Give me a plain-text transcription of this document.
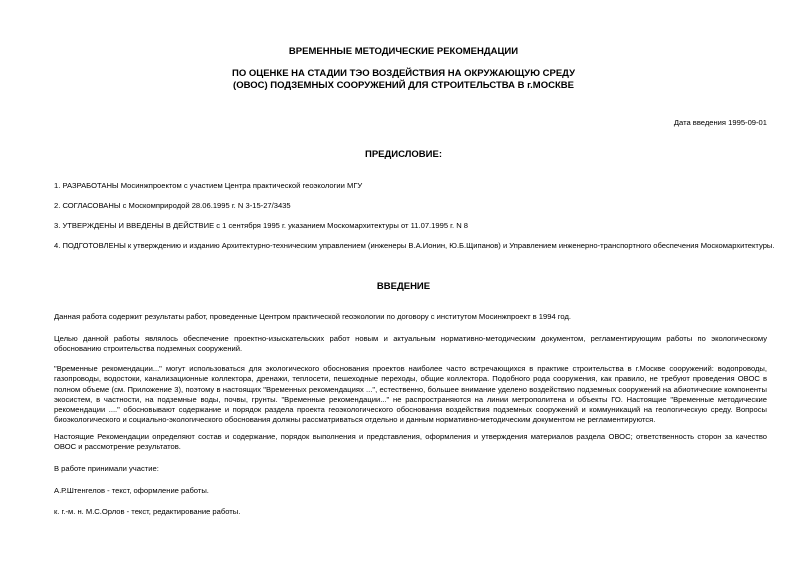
ВРЕМЕННЫЕ МЕТОДИЧЕСКИЕ РЕКОМЕНДАЦИИ
ПО ОЦЕНКЕ НА СТАДИИ ТЭО ВОЗДЕЙСТВИЯ НА ОКРУЖАЮЩУЮ СРЕДУ
(ОВОС) ПОДЗЕМНЫХ СООРУЖЕНИЙ ДЛЯ СТРОИТЕЛЬСТВА В г.МОСКВЕ
Дата введения 1995-09-01
ПРЕДИСЛОВИЕ:
1. РАЗРАБОТАНЫ Мосинжпроектом с участием Центра практической геоэкологии МГУ
2. СОГЛАСОВАНЫ с Москомприродой 28.06.1995 г. N 3-15-27/3435
3. УТВЕРЖДЕНЫ И ВВЕДЕНЫ В ДЕЙСТВИЕ с 1 сентября 1995 г. указанием Москомархитектуры от 11.07.1995 г. N 8
4. ПОДГОТОВЛЕНЫ к утверждению и изданию Архитектурно-техническим управлением (инженеры В.А.Ионин, Ю.Б.Щипанов) и Управлением инженерно-транспортного обеспечения Москомархитектуры.
ВВЕДЕНИЕ
Данная работа содержит результаты работ, проведенные Центром практической геоэкологии по договору с институтом Мосинжпроект в 1994 год.
Целью данной работы являлось обеспечение проектно-изыскательских работ новым и актуальным нормативно-методическим документом, регламентирующим работы по экологическому обоснованию строительства подземных сооружений.
"Временные рекомендации..." могут использоваться для экологического обоснования проектов наиболее часто встречающихся в практике строительства в г.Москве сооружений: водопроводы, газопроводы, водостоки, канализационные коллектора, дренажи, теплосети, пешеходные переходы, общие коллектора. Подобного рода сооружения, как правило, не требуют проведения ОВОС в полном объеме (см. Приложение 3), поэтому в настоящих "Временных рекомендациях ...", естественно, большее внимание уделено воздействию подземных сооружений на абиотические компоненты экосистем, в частности, на подземные воды, почвы, грунты. "Временные рекомендации..." не распространяются на линии метрополитена и объекты ГО. Настоящие "Временные методические рекомендации ...." обосновывают содержание и порядок раздела проекта геоэкологического обоснования воздействия подземных сооружений и коммуникаций на геологическую среду. Вопросы биоэкологического и социально-экологического обоснования должны рассматриваться отдельно и данным нормативно-методическим документом не регламентируются.
Настоящие Рекомендации определяют состав и содержание, порядок выполнения и представления, оформления и утверждения материалов раздела ОВОС; ответственность сторон за качество ОВОС и рассмотрение результатов.
В работе принимали участие:
А.Р.Штенгелов - текст, оформление работы.
к. г.-м. н. М.С.Орлов - текст, редактирование работы.
